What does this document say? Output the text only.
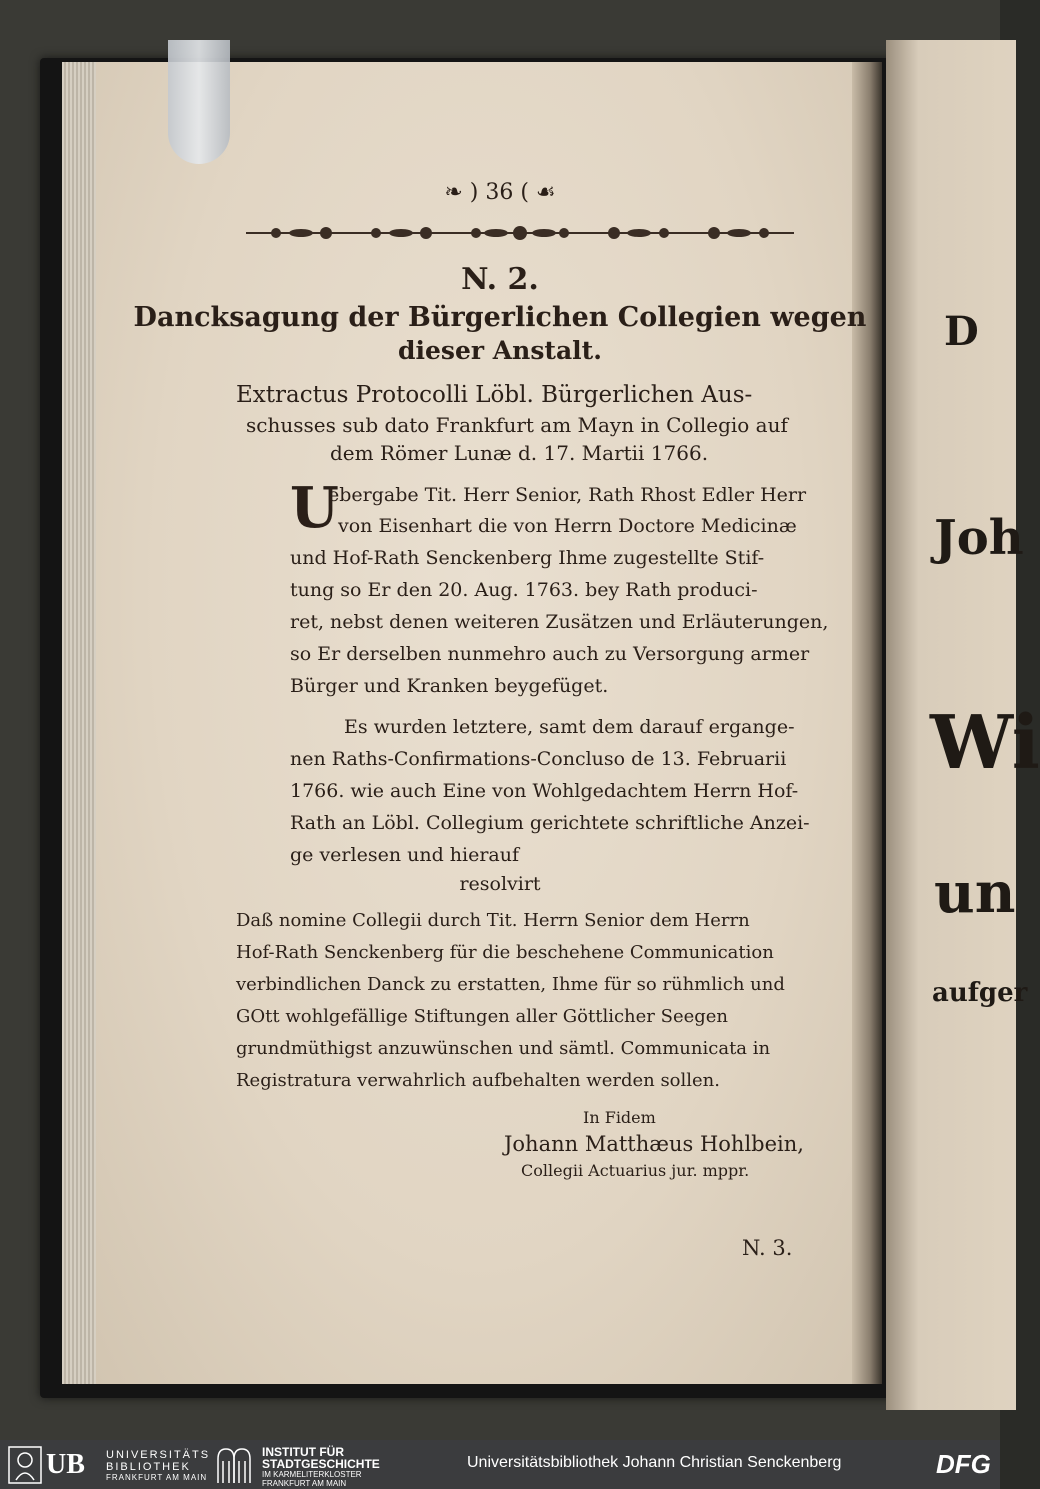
D
Joh
Wi
un
aufger
❧ ) 36 ( ☙
N. 2.
Dancksagung der Bürgerlichen Collegien wegen
dieser Anstalt.
Extractus Protocolli Löbl. Bürgerlichen Aus-
schusses sub dato Frankfurt am Mayn in Collegio auf
dem Römer Lunæ d. 17. Martii 1766.
U
ebergabe Tit. Herr Senior, Rath Rhost Edler Herr
von Eisenhart die von Herrn Doctore Medicinæ
und Hof-Rath Senckenberg Ihme zugestellte Stif-
tung so Er den 20. Aug. 1763. bey Rath produci-
ret, nebst denen weiteren Zusätzen und Erläuterungen,
so Er derselben nunmehro auch zu Versorgung armer
Bürger und Kranken beygefüget.
Es wurden letztere, samt dem darauf ergange-
nen Raths-Confirmations-Concluso de 13. Februarii
1766. wie auch Eine von Wohlgedachtem Herrn Hof-
Rath an Löbl. Collegium gerichtete schriftliche Anzei-
ge verlesen und hierauf
resolvirt
Daß nomine Collegii durch Tit. Herrn Senior dem Herrn
Hof-Rath Senckenberg für die beschehene Communication
verbindlichen Danck zu erstatten, Ihme für so rühmlich und
GOtt wohlgefällige Stiftungen aller Göttlicher Seegen
grundmüthigst anzuwünschen und sämtl. Communicata in
Registratura verwahrlich aufbehalten werden sollen.
In Fidem
Johann Matthæus Hohlbein,
Collegii Actuarius jur. mppr.
N. 3.
UB UNIVERSITÄTS
BIBLIOTHEK
FRANKFURT AM MAIN
INSTITUT FÜR
STADTGESCHICHTE
IM KARMELITERKLOSTER
FRANKFURT AM MAIN
Universitätsbibliothek Johann Christian Senckenberg	DFG
